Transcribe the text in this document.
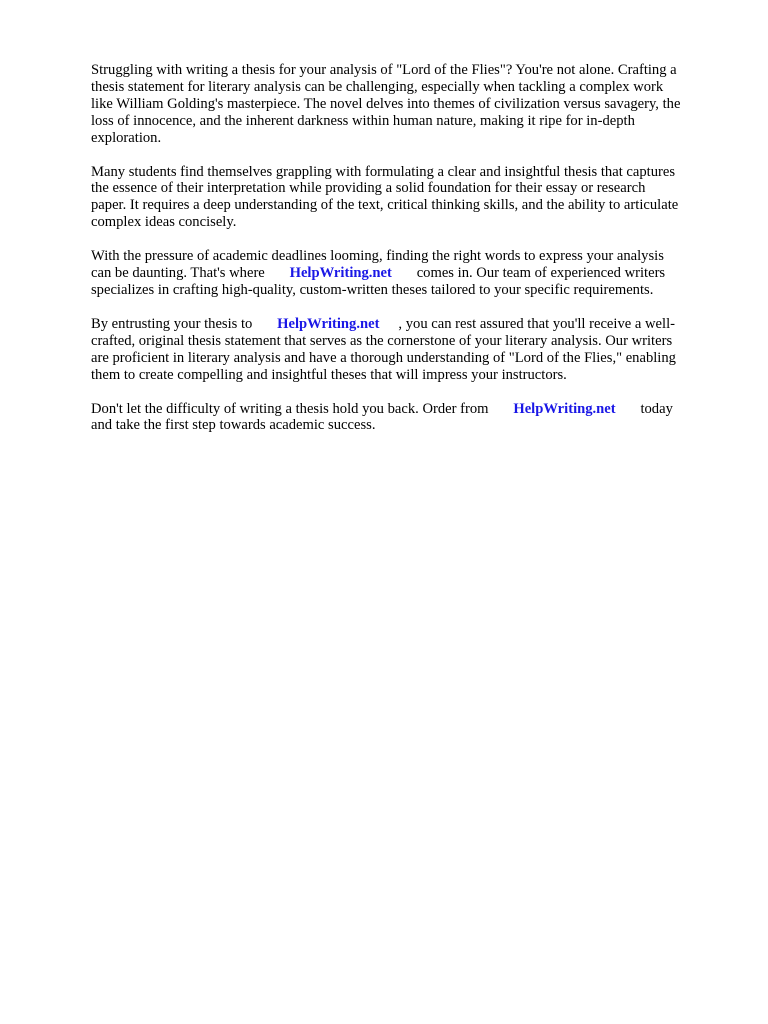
Struggling with writing a thesis for your analysis of "Lord of the Flies"? You're not alone. Crafting a
thesis statement for literary analysis can be challenging, especially when tackling a complex work
like William Golding's masterpiece. The novel delves into themes of civilization versus savagery, the
loss of innocence, and the inherent darkness within human nature, making it ripe for in-depth
exploration.

Many students find themselves grappling with formulating a clear and insightful thesis that captures
the essence of their interpretation while providing a solid foundation for their essay or research
paper. It requires a deep understanding of the text, critical thinking skills, and the ability to articulate
complex ideas concisely.

With the pressure of academic deadlines looming, finding the right words to express your analysis
can be daunting. That's where HelpWriting.net comes in. Our team of experienced writers
specializes in crafting high-quality, custom-written theses tailored to your specific requirements.

By entrusting your thesis to HelpWriting.net , you can rest assured that you'll receive a well-
crafted, original thesis statement that serves as the cornerstone of your literary analysis. Our writers
are proficient in literary analysis and have a thorough understanding of "Lord of the Flies," enabling
them to create compelling and insightful theses that will impress your instructors.

Don't let the difficulty of writing a thesis hold you back. Order from HelpWriting.net today
and take the first step towards academic success.
